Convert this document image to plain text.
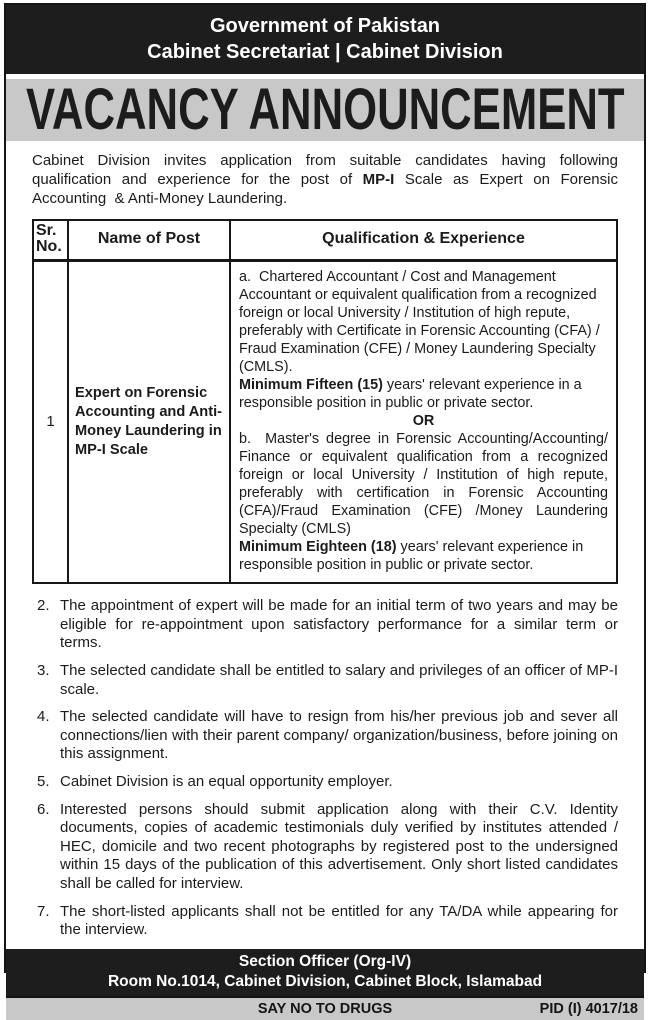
Government of Pakistan
Cabinet Secretariat | Cabinet Division
VACANCY ANNOUNCEMENT

Cabinet Division invites application from suitable candidates having following qualification and experience for the post of MP-I Scale as Expert on Forensic Accounting  & Anti-Money Laundering.

Sr.
No.	Name of Post	Qualification & Experience
1	Expert on Forensic Accounting and Anti-Money Laundering in MP-I Scale	a.  Chartered Accountant / Cost and Management Accountant or equivalent qualification from a recognized foreign or local University / Institution of high repute, preferably with Certificate in Forensic Accounting (CFA) / Fraud Examination (CFE) / Money Laundering Specialty (CMLS).

Minimum Fifteen (15) years' relevant experience in a responsible position in public or private sector.

OR

b.  Master's degree in Forensic Accounting/Accounting/ Finance or equivalent qualification from a recognized foreign or local University / Institution of high repute, preferably with certification in Forensic Accounting (CFA)/Fraud Examination (CFE) /Money Laundering Specialty (CMLS)

Minimum Eighteen (18) years' relevant experience in responsible position in public or private sector.

2. The appointment of expert will be made for an initial term of two years and may be eligible for re-appointment upon satisfactory performance for a similar term or terms.
3. The selected candidate shall be entitled to salary and privileges of an officer of MP-I scale.
4. The selected candidate will have to resign from his/her previous job and sever all connections/lien with their parent company/ organization/business, before joining on this assignment.
5. Cabinet Division is an equal opportunity employer.
6. Interested persons should submit application along with their C.V. Identity documents, copies of academic testimonials duly verified by institutes attended / HEC, domicile and two recent photographs by registered post to the undersigned within 15 days of the publication of this advertisement. Only short listed candidates shall be called for interview.
7. The short-listed applicants shall not be entitled for any TA/DA while appearing for the interview.
Section Officer (Org-IV)
Room No.1014, Cabinet Division, Cabinet Block, Islamabad
SAY NO TO DRUGS	PID (I) 4017/18
